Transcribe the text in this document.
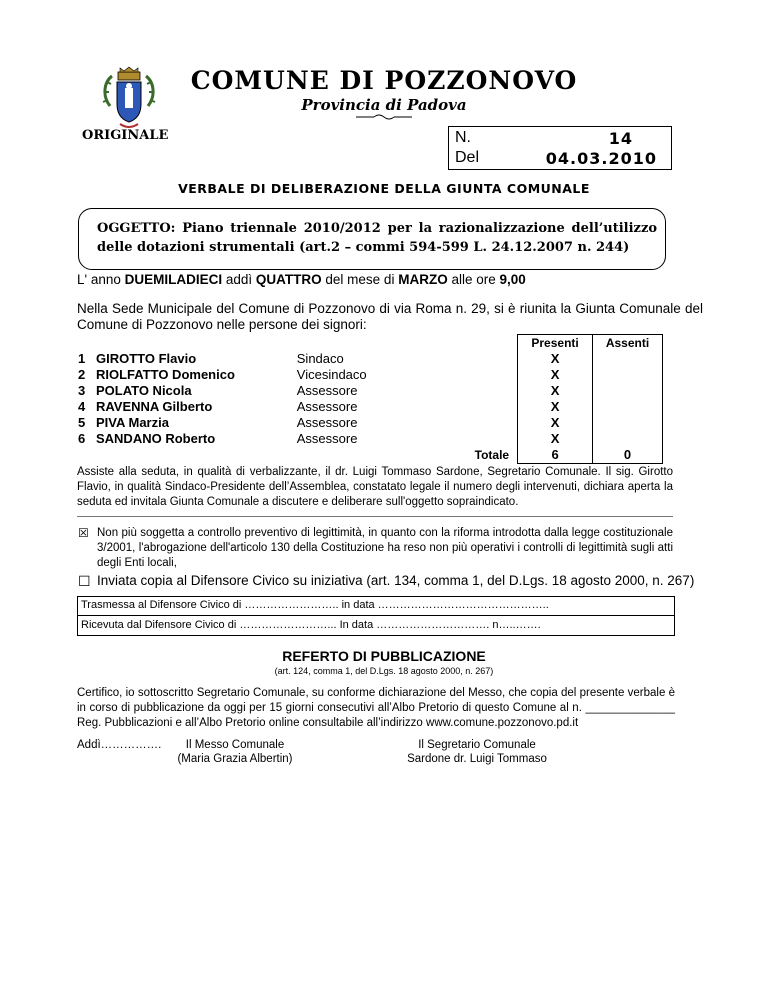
COMUNE DI POZZONOVO
Provincia di Padova
ORIGINALE	N.	14
Del	04.03.2010
VERBALE DI DELIBERAZIONE DELLA GIUNTA COMUNALE
OGGETTO: Piano triennale 2010/2012 per la razionalizzazione dell’utilizzo delle dotazioni strumentali (art.2 – commi 594-599 L. 24.12.2007 n. 244)
L' anno DUEMILADIECI addì QUATTRO del mese di MARZO alle ore 9,00
Nella Sede Municipale del Comune di Pozzonovo di via Roma n. 29, si è riunita la Giunta Comunale del Comune di Pozzonovo nelle persone dei signori:
				Presenti	Assenti
1	GIROTTO Flavio	Sindaco		X	
2	RIOLFATTO Domenico	Vicesindaco		X	
3	POLATO Nicola	Assessore		X	
4	RAVENNA Gilberto	Assessore		X	
5	PIVA Marzia	Assessore		X	
6	SANDANO Roberto	Assessore		X	
			Totale	6	0
Assiste alla seduta, in qualità di verbalizzante, il dr. Luigi Tommaso Sardone, Segretario Comunale. Il sig. Girotto Flavio, in qualità Sindaco-Presidente dell’Assemblea, constatato legale il numero degli intervenuti, dichiara aperta la seduta ed invitala Giunta Comunale a discutere e deliberare sull'oggetto sopraindicato.
☒ Non più soggetta a controllo preventivo di legittimità, in quanto con la riforma introdotta dalla legge costituzionale 3/2001, l'abrogazione dell'articolo 130 della Costituzione ha reso non più operativi i controlli di legittimità sugli atti degli Enti locali,
☐ Inviata copia al Difensore Civico su iniziativa (art. 134, comma 1, del D.Lgs. 18 agosto 2000, n. 267)
Trasmessa al Difensore Civico di …………………….. in data ………………………………………..
Ricevuta dal Difensore Civico di ……………………... In data …………………………. n…..…….
REFERTO DI PUBBLICAZIONE
(art. 124, comma 1, del D.Lgs. 18 agosto 2000, n. 267)
Certifico, io sottoscritto Segretario Comunale, su conforme dichiarazione del Messo, che copia del presente verbale è in corso di pubblicazione da oggi per 15 giorni consecutivi all’Albo Pretorio di questo Comune al n. ______________ Reg. Pubblicazioni e all’Albo Pretorio online consultabile all’indirizzo www.comune.pozzonovo.pd.it
Addì…………….	Il Messo Comunale
(Maria Grazia Albertin)
Il Segretario Comunale
Sardone dr. Luigi Tommaso
